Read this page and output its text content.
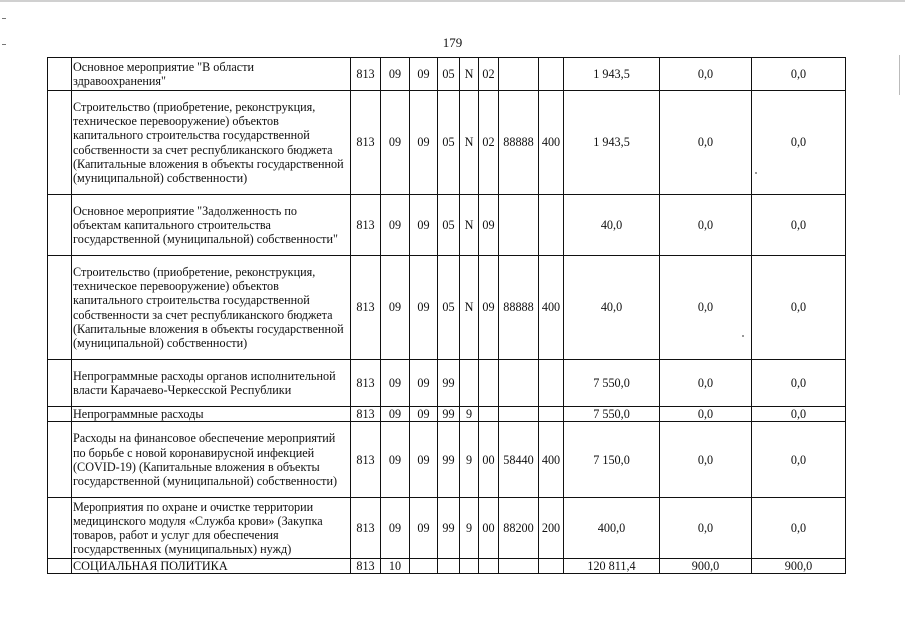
179
	Основное мероприятие "В области здравоохранения"	813	09	09	05	N	02			1 943,5	0,0	0,0
	Строительство (приобретение, реконструкция, техническое перевооружение) объектов капитального строительства государственной собственности за счет республиканского бюджета (Капитальные вложения в объекты государственной (муниципальной) собственности)	813	09	09	05	N	02	88888	400	1 943,5	0,0	0,0
	Основное мероприятие "Задолженность по объектам капитального строительства государственной (муниципальной) собственности"	813	09	09	05	N	09			40,0	0,0	0,0
	Строительство (приобретение, реконструкция, техническое перевооружение) объектов капитального строительства государственной собственности за счет республиканского бюджета (Капитальные вложения в объекты государственной (муниципальной) собственности)	813	09	09	05	N	09	88888	400	40,0	0,0	0,0
	Непрограммные расходы органов исполнительной власти Карачаево-Черкесской Республики	813	09	09	99					7 550,0	0,0	0,0
	Непрограммные расходы	813	09	09	99	9				7 550,0	0,0	0,0
	Расходы на финансовое обеспечение мероприятий по борьбе с новой коронавирусной инфекцией (COVID-19) (Капитальные вложения в объекты государственной (муниципальной) собственности)	813	09	09	99	9	00	58440	400	7 150,0	0,0	0,0
	Мероприятия по охране и очистке территории медицинского модуля «Служба крови» (Закупка товаров, работ и услуг для обеспечения государственных (муниципальных) нужд)	813	09	09	99	9	00	88200	200	400,0	0,0	0,0
	СОЦИАЛЬНАЯ ПОЛИТИКА	813	10							120 811,4	900,0	900,0
